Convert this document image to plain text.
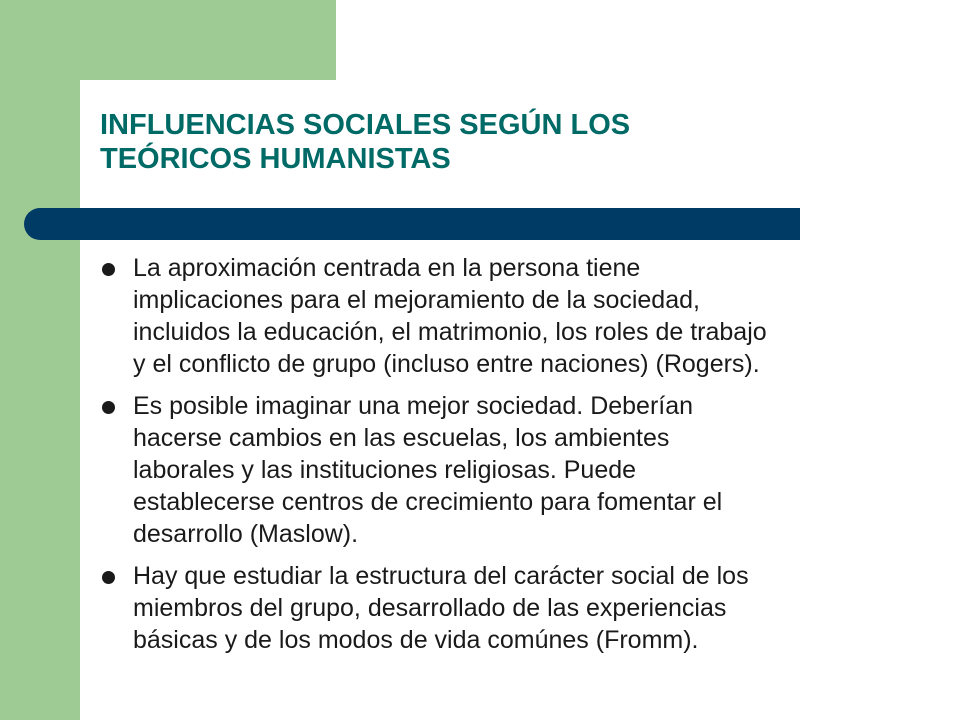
INFLUENCIAS SOCIALES SEGÚN LOS
TEÓRICOS HUMANISTAS
La aproximación centrada en la persona tiene
implicaciones para el mejoramiento de la sociedad,
incluidos la educación, el matrimonio, los roles de trabajo
y el conflicto de grupo (incluso entre naciones) (Rogers).
Es posible imaginar una mejor sociedad. Deberían
hacerse cambios en las escuelas, los ambientes
laborales y las instituciones religiosas. Puede
establecerse centros de crecimiento para fomentar el
desarrollo (Maslow).
Hay que estudiar la estructura del carácter social de los
miembros del grupo, desarrollado de las experiencias
básicas y de los modos de vida comúnes (Fromm).
